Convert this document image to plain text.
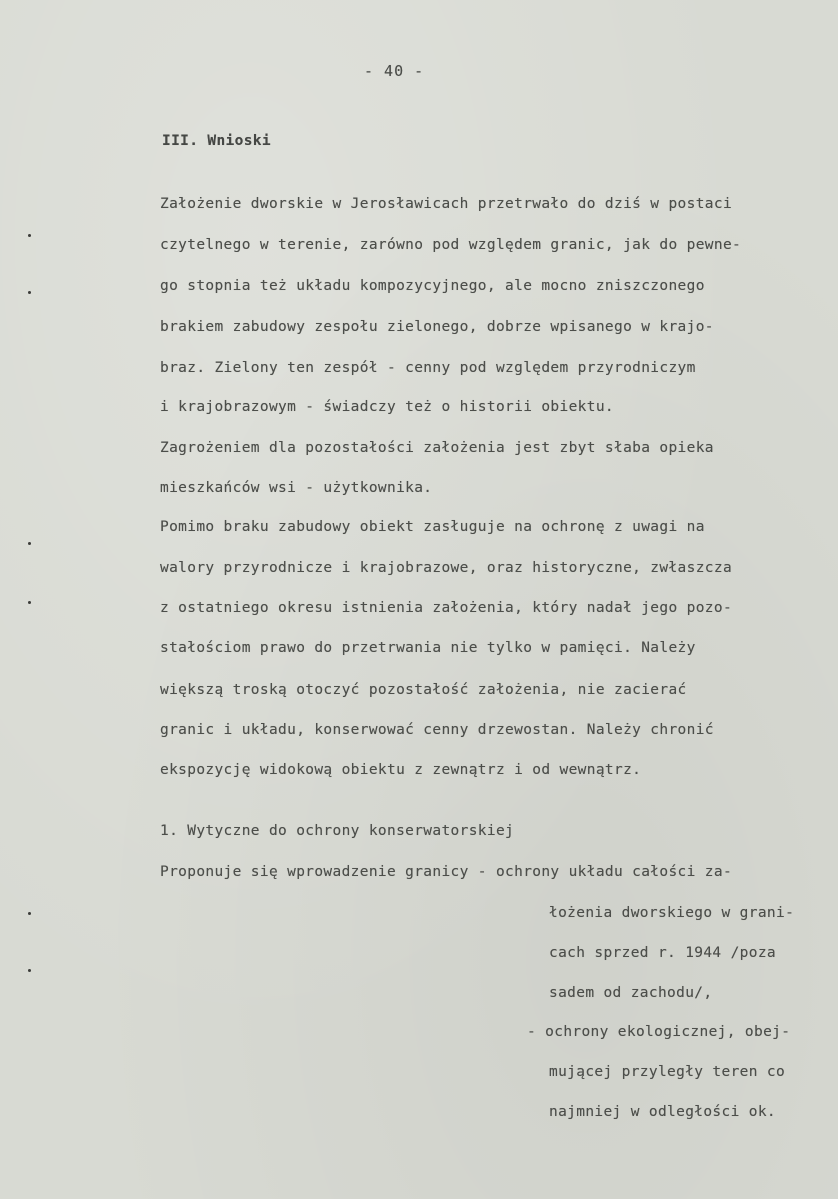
- 40 -
III. Wnioski
Założenie dworskie w Jerosławicach przetrwało do dziś w postaci
czytelnego w terenie, zarówno pod względem granic, jak do pewne-
go stopnia też układu kompozycyjnego, ale mocno zniszczonego
brakiem zabudowy zespołu zielonego, dobrze wpisanego w krajo-
braz. Zielony ten zespół - cenny pod względem przyrodniczym
i krajobrazowym - świadczy też o historii obiektu.
Zagrożeniem dla pozostałości założenia jest zbyt słaba opieka
mieszkańców wsi - użytkownika.
Pomimo braku zabudowy obiekt zasługuje na ochronę z uwagi na
walory przyrodnicze i krajobrazowe, oraz historyczne, zwłaszcza
z ostatniego okresu istnienia założenia, który nadał jego pozo-
stałościom prawo do przetrwania nie tylko w pamięci. Należy
większą troską otoczyć pozostałość założenia, nie zacierać
granic i układu, konserwować cenny drzewostan. Należy chronić
ekspozycję widokową obiektu z zewnątrz i od wewnątrz.
1. Wytyczne do ochrony konserwatorskiej
Proponuje się wprowadzenie granicy - ochrony układu całości za-
łożenia dworskiego w grani-
cach sprzed r. 1944 /poza
sadem od zachodu/,
- ochrony ekologicznej, obej-
mującej przyległy teren co
najmniej w odległości ok.
